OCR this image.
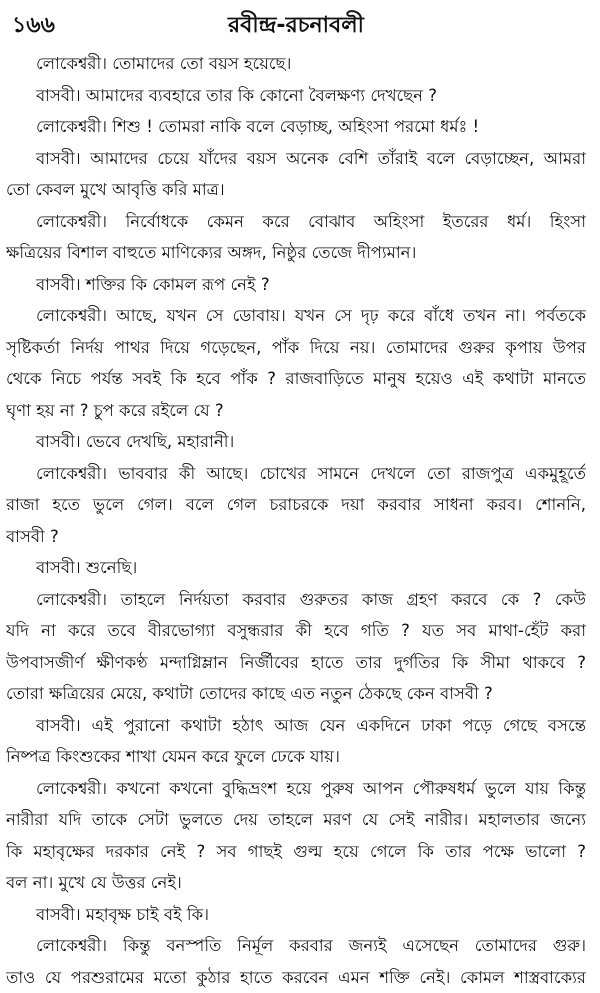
১৬৬	রবীন্দ্র-রচনাবলী
লোকেশ্বরী। তোমাদের তো বয়স হয়েছে।
বাসবী। আমাদের ব্যবহারে তার কি কোনো বৈলক্ষণ্য দেখছেন ?
লোকেশ্বরী। শিশু ! তোমরা নাকি বলে বেড়াচ্ছ, অহিংসা পরমো ধর্মঃ !
বাসবী। আমাদের চেয়ে যাঁদের বয়স অনেক বেশি তাঁরাই বলে বেড়াচ্ছেন, আমরা
তো কেবল মুখে আবৃত্তি করি মাত্র।
লোকেশ্বরী। নির্বোধকে কেমন করে বোঝাব অহিংসা ইতরের ধর্ম। হিংসা
ক্ষত্রিয়ের বিশাল বাহুতে মাণিক্যের অঙ্গদ, নিষ্ঠুর তেজে দীপ্যমান।
বাসবী। শক্তির কি কোমল রূপ নেই ?
লোকেশ্বরী। আছে, যখন সে ডোবায়। যখন সে দৃঢ় করে বাঁধে তখন না। পর্বতকে
সৃষ্টিকর্তা নির্দয় পাথর দিয়ে গড়েছেন, পাঁক দিয়ে নয়। তোমাদের গুরুর কৃপায় উপর
থেকে নিচে পর্যন্ত সবই কি হবে পাঁক ? রাজবাড়িতে মানুষ হয়েও এই কথাটা মানতে
ঘৃণা হয় না ? চুপ করে রইলে যে ?
বাসবী। ভেবে দেখছি, মহারানী।
লোকেশ্বরী। ভাববার কী আছে। চোখের সামনে দেখলে তো রাজপুত্র একমুহূর্তে
রাজা হতে ভুলে গেল। বলে গেল চরাচরকে দয়া করবার সাধনা করব। শোননি,
বাসবী ?
বাসবী। শুনেছি।
লোকেশ্বরী। তাহলে নির্দয়তা করবার গুরুতর কাজ গ্রহণ করবে কে ? কেউ
যদি না করে তবে বীরভোগ্যা বসুন্ধরার কী হবে গতি ? যত সব মাথা-হেঁট করা
উপবাসজীর্ণ ক্ষীণকণ্ঠ মন্দাগ্নিম্লান নির্জীবের হাতে তার দুর্গতির কি সীমা থাকবে ?
তোরা ক্ষত্রিয়ের মেয়ে, কথাটা তোদের কাছে এত নতুন ঠেকছে কেন বাসবী ?
বাসবী। এই পুরানো কথাটা হঠাৎ আজ যেন একদিনে ঢাকা পড়ে গেছে বসন্তে
নিষ্পত্র কিংশুকের শাখা যেমন করে ফুলে ঢেকে যায়।
লোকেশ্বরী। কখনো কখনো বুদ্ধিভ্রংশ হয়ে পুরুষ আপন পৌরুষধর্ম ভুলে যায় কিন্তু
নারীরা যদি তাকে সেটা ভুলতে দেয় তাহলে মরণ যে সেই নারীর। মহালতার জন্যে
কি মহাবৃক্ষের দরকার নেই ? সব গাছই গুল্ম হয়ে গেলে কি তার পক্ষে ভালো ?
বল না। মুখে যে উত্তর নেই।
বাসবী। মহাবৃক্ষ চাই বই কি।
লোকেশ্বরী। কিন্তু বনস্পতি নির্মূল করবার জন্যই এসেছেন তোমাদের গুরু।
তাও যে পরশুরামের মতো কুঠার হাতে করবেন এমন শক্তি নেই। কোমল শাস্ত্রবাক্যের
